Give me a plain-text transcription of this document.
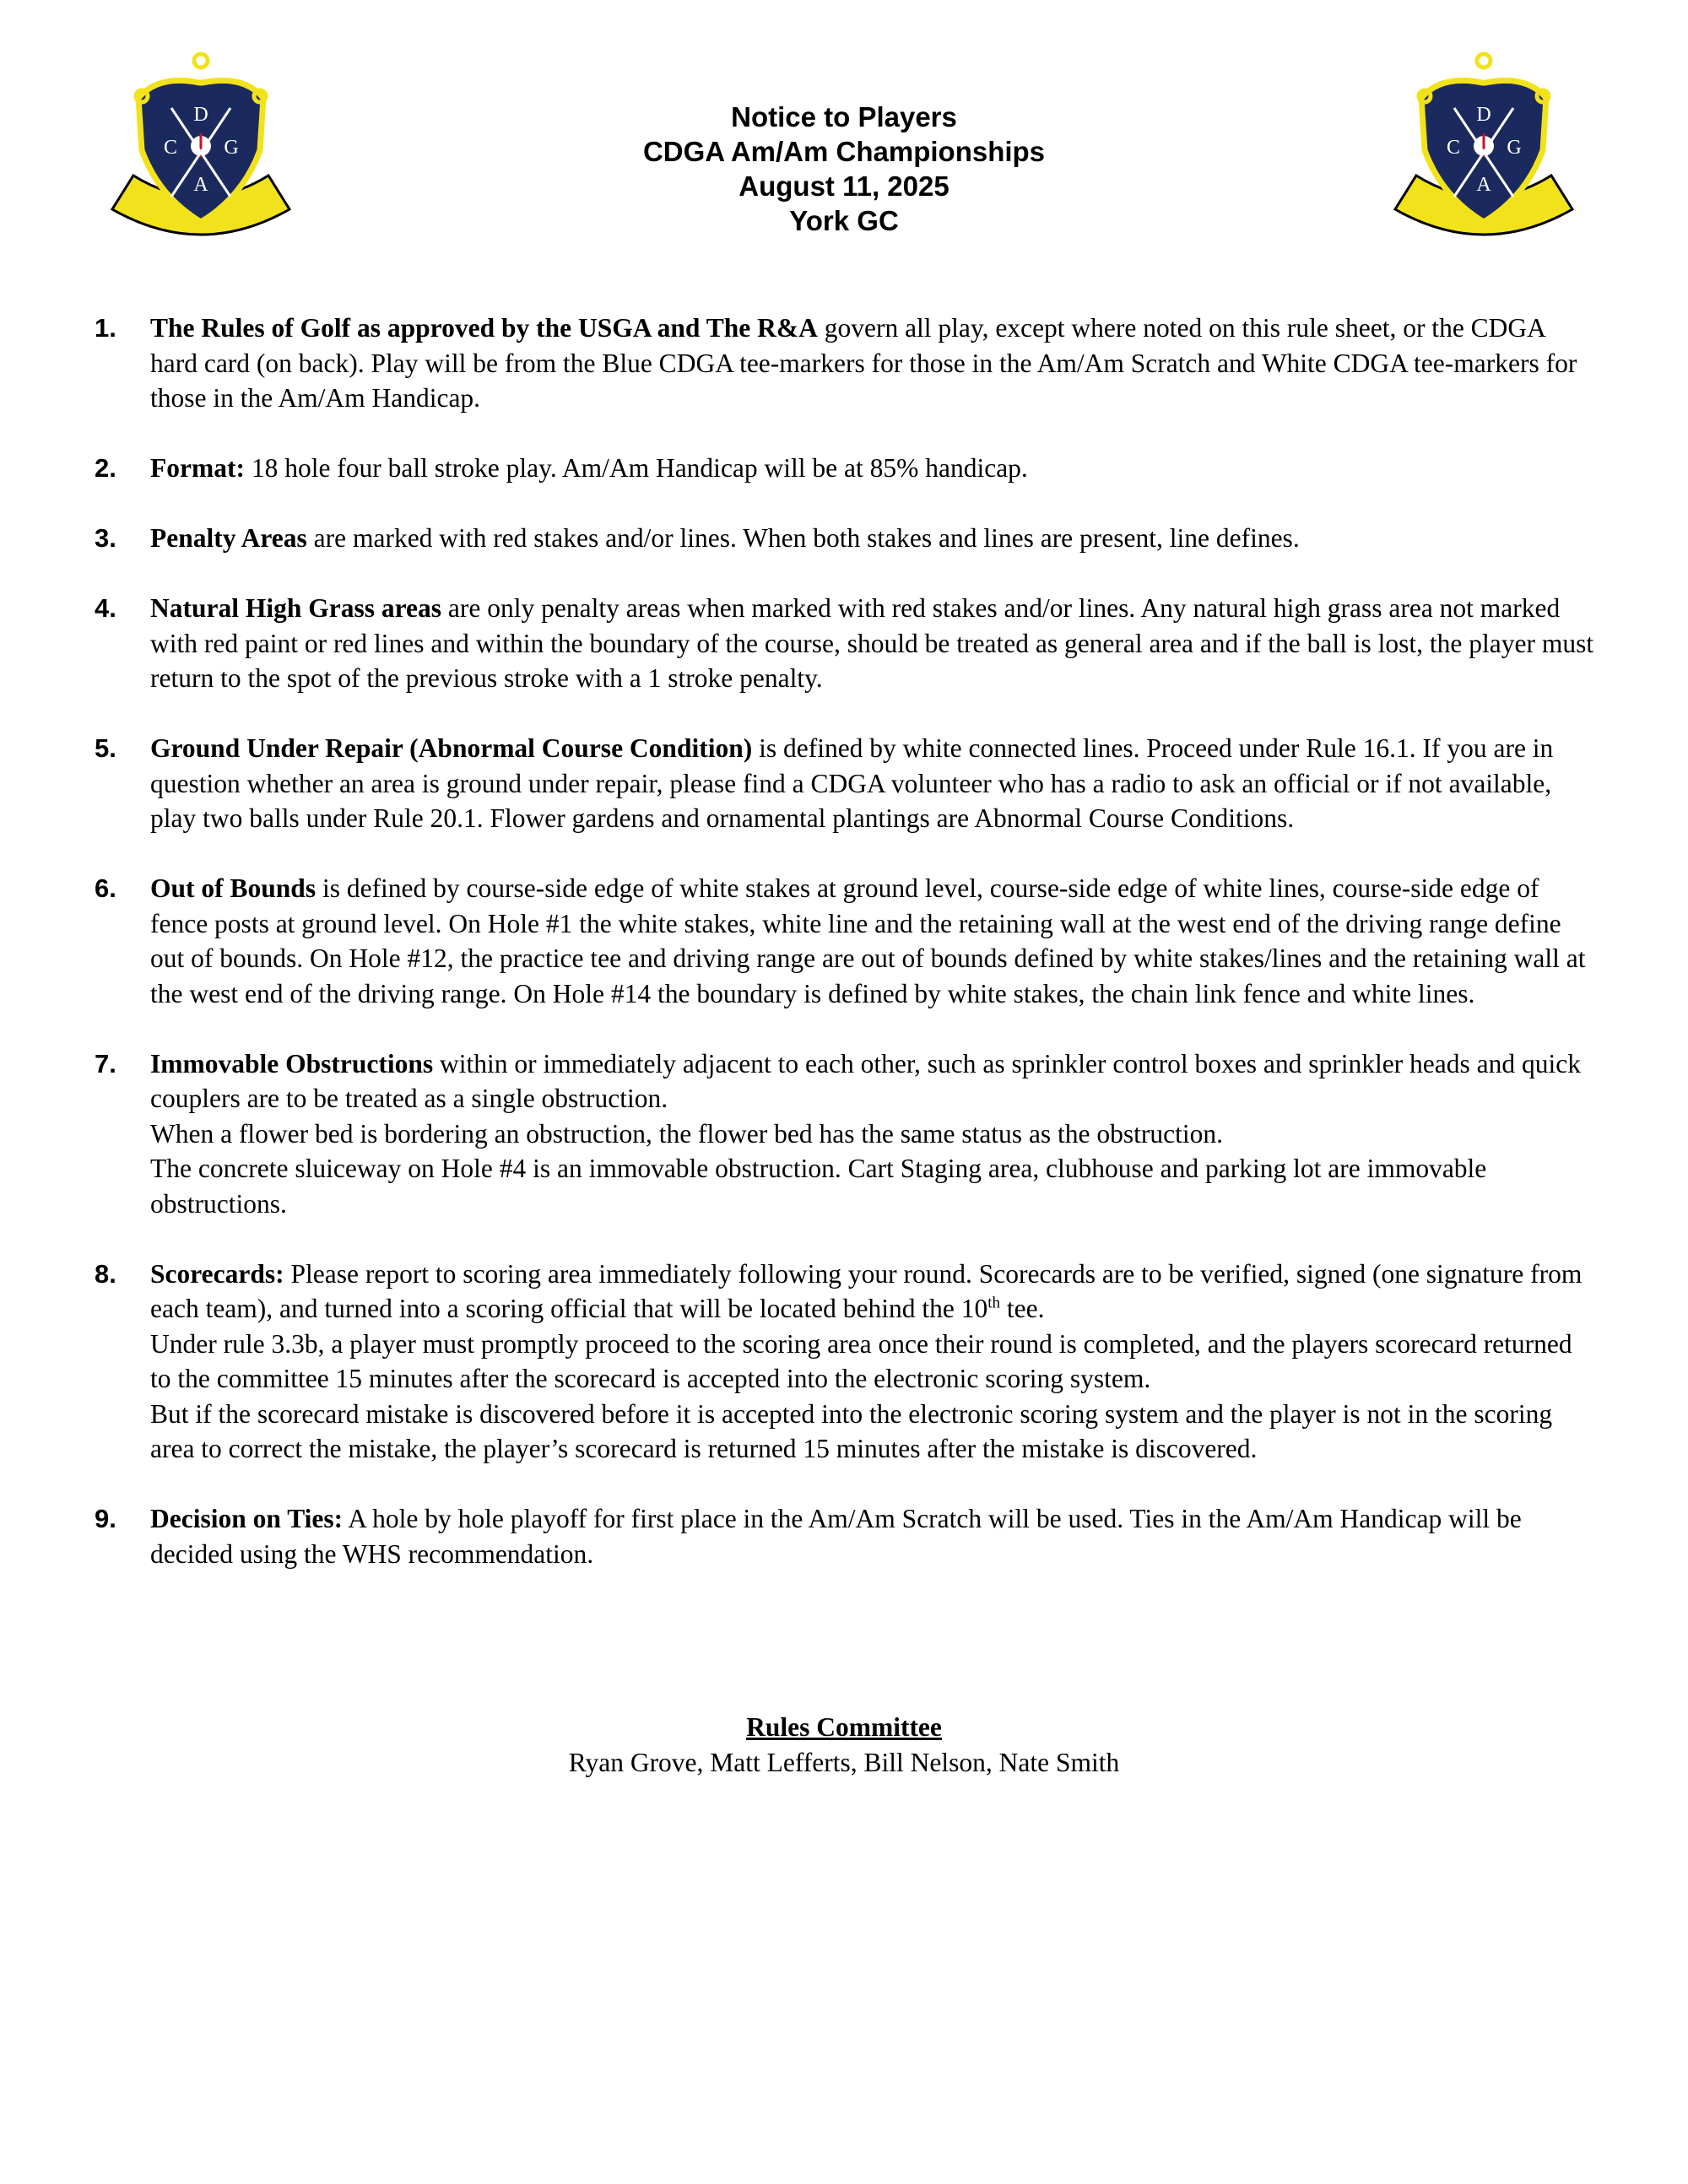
D
C G
A
D
C G
A
Notice to Players
CDGA Am/Am Championships
August 11, 2025
York GC
1. The Rules of Golf as approved by the USGA and The R&A govern all play, except where noted on this rule sheet, or the CDGA hard card (on back). Play will be from the Blue CDGA tee-markers for those in the Am/Am Scratch and White CDGA tee-markers for those in the Am/Am Handicap.
2. Format: 18 hole four ball stroke play. Am/Am Handicap will be at 85% handicap.
3. Penalty Areas are marked with red stakes and/or lines. When both stakes and lines are present, line defines.
4. Natural High Grass areas are only penalty areas when marked with red stakes and/or lines. Any natural high grass area not marked with red paint or red lines and within the boundary of the course, should be treated as general area and if the ball is lost, the player must return to the spot of the previous stroke with a 1 stroke penalty.
5. Ground Under Repair (Abnormal Course Condition) is defined by white connected lines. Proceed under Rule 16.1. If you are in question whether an area is ground under repair, please find a CDGA volunteer who has a radio to ask an official or if not available, play two balls under Rule 20.1. Flower gardens and ornamental plantings are Abnormal Course Conditions.
6. Out of Bounds is defined by course-side edge of white stakes at ground level, course-side edge of white lines, course-side edge of fence posts at ground level. On Hole #1 the white stakes, white line and the retaining wall at the west end of the driving range define out of bounds. On Hole #12, the practice tee and driving range are out of bounds defined by white stakes/lines and the retaining wall at the west end of the driving range. On Hole #14 the boundary is defined by white stakes, the chain link fence and white lines.
7. Immovable Obstructions within or immediately adjacent to each other, such as sprinkler control boxes and sprinkler heads and quick couplers are to be treated as a single obstruction.
When a flower bed is bordering an obstruction, the flower bed has the same status as the obstruction.
The concrete sluiceway on Hole #4 is an immovable obstruction. Cart Staging area, clubhouse and parking lot are immovable obstructions.
8. Scorecards: Please report to scoring area immediately following your round. Scorecards are to be verified, signed (one signature from each team), and turned into a scoring official that will be located behind the 10th tee.
Under rule 3.3b, a player must promptly proceed to the scoring area once their round is completed, and the players scorecard returned to the committee 15 minutes after the scorecard is accepted into the electronic scoring system.
But if the scorecard mistake is discovered before it is accepted into the electronic scoring system and the player is not in the scoring area to correct the mistake, the player’s scorecard is returned 15 minutes after the mistake is discovered.
9. Decision on Ties: A hole by hole playoff for first place in the Am/Am Scratch will be used. Ties in the Am/Am Handicap will be decided using the WHS recommendation.
Rules Committee
Ryan Grove, Matt Lefferts, Bill Nelson, Nate Smith
